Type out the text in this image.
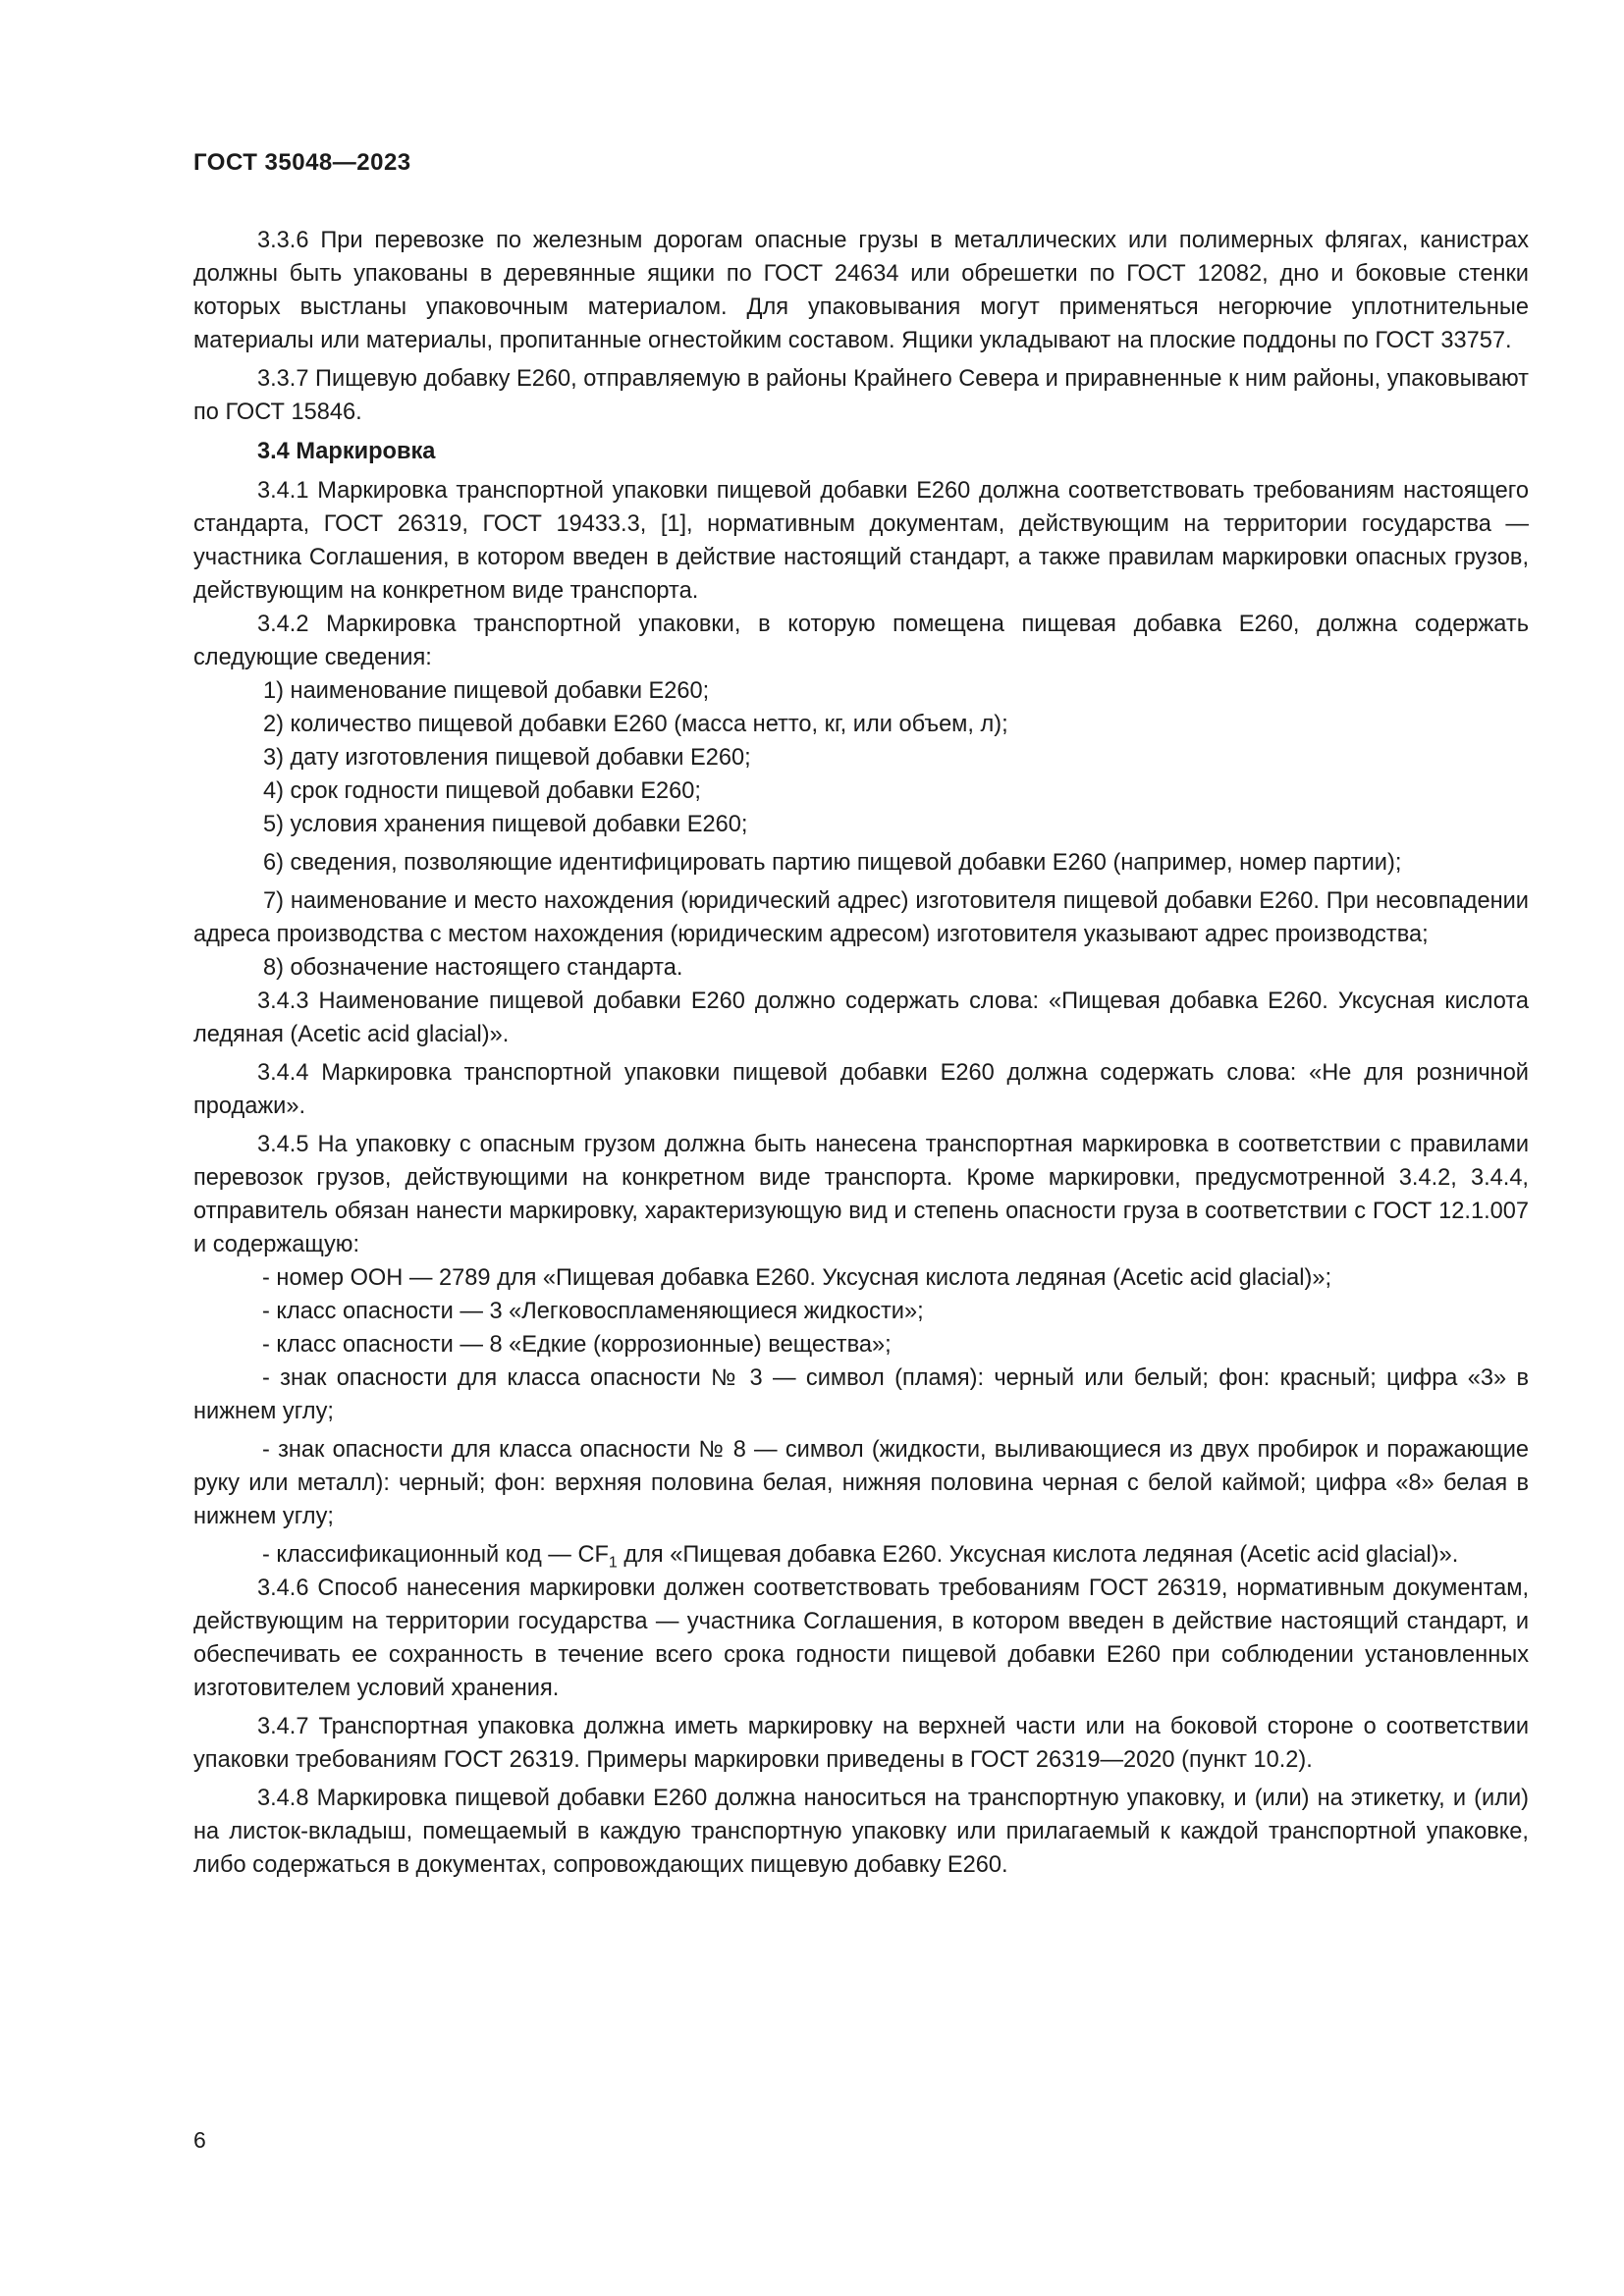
ГОСТ 35048—2023

3.3.6 При перевозке по железным дорогам опасные грузы в металлических или полимерных флягах, канистрах должны быть упакованы в деревянные ящики по ГОСТ 24634 или обрешетки по ГОСТ 12082, дно и боковые стенки которых выстланы упаковочным материалом. Для упаковывания могут применяться негорючие уплотнительные материалы или материалы, пропитанные огнестойким составом. Ящики укладывают на плоские поддоны по ГОСТ 33757.

3.3.7 Пищевую добавку Е260, отправляемую в районы Крайнего Севера и приравненные к ним районы, упаковывают по ГОСТ 15846.

3.4 Маркировка

3.4.1 Маркировка транспортной упаковки пищевой добавки Е260 должна соответствовать требованиям настоящего стандарта, ГОСТ 26319, ГОСТ 19433.3, [1], нормативным документам, действующим на территории государства — участника Соглашения, в котором введен в действие настоящий стандарт, а также правилам маркировки опасных грузов, действующим на конкретном виде транспорта.

3.4.2 Маркировка транспортной упаковки, в которую помещена пищевая добавка Е260, должна содержать следующие сведения:

1) наименование пищевой добавки Е260;

2) количество пищевой добавки Е260 (масса нетто, кг, или объем, л);

3) дату изготовления пищевой добавки Е260;

4) срок годности пищевой добавки Е260;

5) условия хранения пищевой добавки Е260;

6) сведения, позволяющие идентифицировать партию пищевой добавки Е260 (например, номер партии);

7) наименование и место нахождения (юридический адрес) изготовителя пищевой добавки Е260. При несовпадении адреса производства с местом нахождения (юридическим адресом) изготовителя указывают адрес производства;

8) обозначение настоящего стандарта.

3.4.3 Наименование пищевой добавки Е260 должно содержать слова: «Пищевая добавка Е260. Уксусная кислота ледяная (Acetic acid glacial)».

3.4.4 Маркировка транспортной упаковки пищевой добавки Е260 должна содержать слова: «Не для розничной продажи».

3.4.5 На упаковку с опасным грузом должна быть нанесена транспортная маркировка в соответствии с правилами перевозок грузов, действующими на конкретном виде транспорта. Кроме маркировки, предусмотренной 3.4.2, 3.4.4, отправитель обязан нанести маркировку, характеризующую вид и степень опасности груза в соответствии с ГОСТ 12.1.007 и содержащую:

- номер ООН — 2789 для «Пищевая добавка Е260. Уксусная кислота ледяная (Acetic acid glacial)»;

- класс опасности — 3 «Легковоспламеняющиеся жидкости»;

- класс опасности — 8 «Едкие (коррозионные) вещества»;

- знак опасности для класса опасности № 3 — символ (пламя): черный или белый; фон: красный; цифра «3» в нижнем углу;

- знак опасности для класса опасности № 8 — символ (жидкости, выливающиеся из двух пробирок и поражающие руку или металл): черный; фон: верхняя половина белая, нижняя половина черная с белой каймой; цифра «8» белая в нижнем углу;

- классификационный код — $CF_1$ для «Пищевая добавка Е260. Уксусная кислота ледяная (Acetic acid glacial)».

3.4.6 Способ нанесения маркировки должен соответствовать требованиям ГОСТ 26319, нормативным документам, действующим на территории государства — участника Соглашения, в котором введен в действие настоящий стандарт, и обеспечивать ее сохранность в течение всего срока годности пищевой добавки Е260 при соблюдении установленных изготовителем условий хранения.

3.4.7 Транспортная упаковка должна иметь маркировку на верхней части или на боковой стороне о соответствии упаковки требованиям ГОСТ 26319. Примеры маркировки приведены в ГОСТ 26319—2020 (пункт 10.2).

3.4.8 Маркировка пищевой добавки Е260 должна наноситься на транспортную упаковку, и (или) на этикетку, и (или) на листок-вкладыш, помещаемый в каждую транспортную упаковку или прилагаемый к каждой транспортной упаковке, либо содержаться в документах, сопровождающих пищевую добавку Е260.

6
